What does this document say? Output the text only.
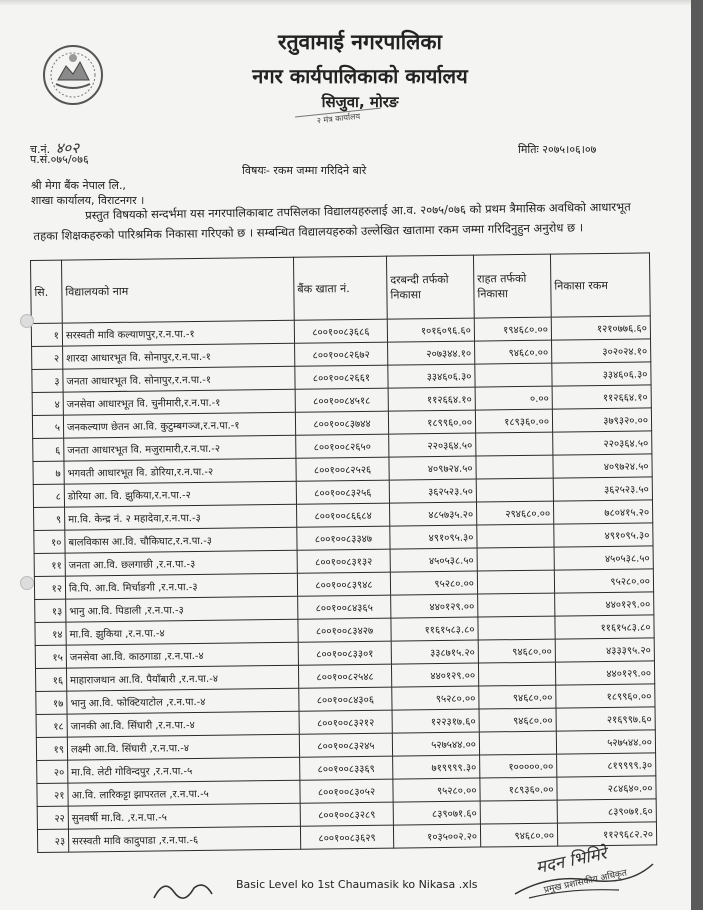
रतुवामाई नगरपालिका
नगर कार्यपालिकाको कार्यालय
सिजुवा, मोरङ
२ मंत्र कार्यालय
च.नं. ४०२
प.सं.०७५/०७६
मितिः २०७५।०६।०७
विषयः- रकम जम्मा गरिदिने बारे
श्री मेगा बैंक नेपाल लि.,
शाखा कार्यालय, विराटनगर ।
प्रस्तुत विषयको सन्दर्भमा यस नगरपालिकाबाट तपसिलका विद्यालयहरुलाई आ.व. २०७५/०७६ को प्रथम त्रैमासिक अवधिको आधारभूत तहका शिक्षकहरुको पारिश्रमिक निकासा गरिएको छ । सम्बन्धित विद्यालयहरुको उल्लेखित खातामा रकम जम्मा गरिदिनुहुन अनुरोध छ ।
सि.	विद्यालयको नाम	बैंक खाता नं.	दरबन्दी तर्फको निकासा	राहत तर्फको निकासा	निकासा रकम
१	सरस्वती मावि कल्याणपुर,र.न.पा.-१	८००१००८३६८६	१०१६०९६.६०	१९४६८०.००	१२१०७७६.६०
२	शारदा आधारभूत वि. सोनापुर,र.न.पा.-१	८००१००८२६७२	२०७३४४.१०	९४६८०.००	३०२०२४.१०
३	जनता आधारभूत वि. सोनापुर,र.न.पा.-१	८००१००८२६६१	३३४६०६.३०		३३४६०६.३०
४	जनसेवा आधारभूत वि. चुनीमारी,र.न.पा.-१	८००१००८४५१८	११२६६४.१०	०.००	११२६६४.१०
५	जनकल्याण छेतन आ.वि. कुटुम्बगञ्ज,र.न.पा.-१	८००१००८३७४४	१८९९६०.००	१८९३६०.००	३७९३२०.००
६	जनता आधारभूत वि. मजुरामारी,र.न.पा.-२	८००१००८२६५०	२२०३६४.५०		२२०३६४.५०
७	भगवती आधारभूत वि. डोरिया,र.न.पा.-२	८००१००८२५२६	४०९७२४.५०		४०९७२४.५०
८	डोरिया आ. वि. झुकिया,र.न.पा.-२	८००१००८३२५६	३६२५२३.५०		३६२५२३.५०
९	मा.वि. केन्द्र नं. २ महादेवा,र.न.पा.-३	८००१००८६६८४	४८५७३५.२०	२९४६८०.००	७८०४१५.२०
१०	बालविकास आ.वि. चौकिघाट,र.न.पा.-३	८००१००८३३४७	४९१०९५.३०		४९१०९५.३०
११	जनता आ.वि. छलगाछी ,र.न.पा.-३	८००१००८३१३२	४५०५३८.५०		४५०५३८.५०
१२	वि.पि. आ.वि. मिर्चाङगी ,र.न.पा.-३	८००१००८३९४८	९५२८०.००		९५२८०.००
१३	भानु आ.वि. पिडाली ,र.न.पा.-३	८००१००८४३६५	४४०१२९.००		४४०१२९.००
१४	मा.वि. झुकिया ,र.न.पा.-४	८००१००८३४२७	११६१५८३.८०		११६१५८३.८०
१५	जनसेवा आ.वि. काठगाडा ,र.न.पा.-४	८००१००८३३०१	३३८७१५.२०	९४६८०.००	४३३३९५.२०
१६	माहाराजथान आ.वि. पैयाँबारी ,र.न.पा.-४	८००१००८२५४८	४४०१२९.००		४४०१२९.००
१७	भानु आ.वि. फोक्टियाटोल ,र.न.पा.-४	८००१००८४३०६	९५२८०.००	९४६८०.००	१८९९६०.००
१८	जानकी आ.वि. सिंघारी ,र.न.पा.-४	८००१००८३२१२	१२२३१७.६०	९४६८०.००	२१६९९७.६०
१९	लक्ष्मी आ.वि. सिंघारी ,र.न.पा.-४	८००१००८३२४५	५२७५४४.००		५२७५४४.००
२०	मा.वि. लेटी गोविन्दपुर ,र.न.पा.-५	८००१००८३३६९	७१९९९९.३०	१०००००.००	८१९९९९.३०
२१	आ.वि. लारिकट्टा झापरतल ,र.न.पा.-५	८००१००८३०५२	९५२८०.००	१८९३६०.००	२८४६४०.००
२२	सुनवर्षी मा.वि. ,र.न.पा.-५	८००१००८३२८९	८३९०७१.६०		८३९०७१.६०
२३	सरस्वती मावि कादुपाडा ,र.न.पा.-६	८००१००८३६२९	१०३५००२.२०	९४६८०.००	११२९६८२.२०
Basic Level ko 1st Chaumasik ko Nikasa .xls
मदन भिमिरे
प्रमुख प्रशासकीय अधिकृत
